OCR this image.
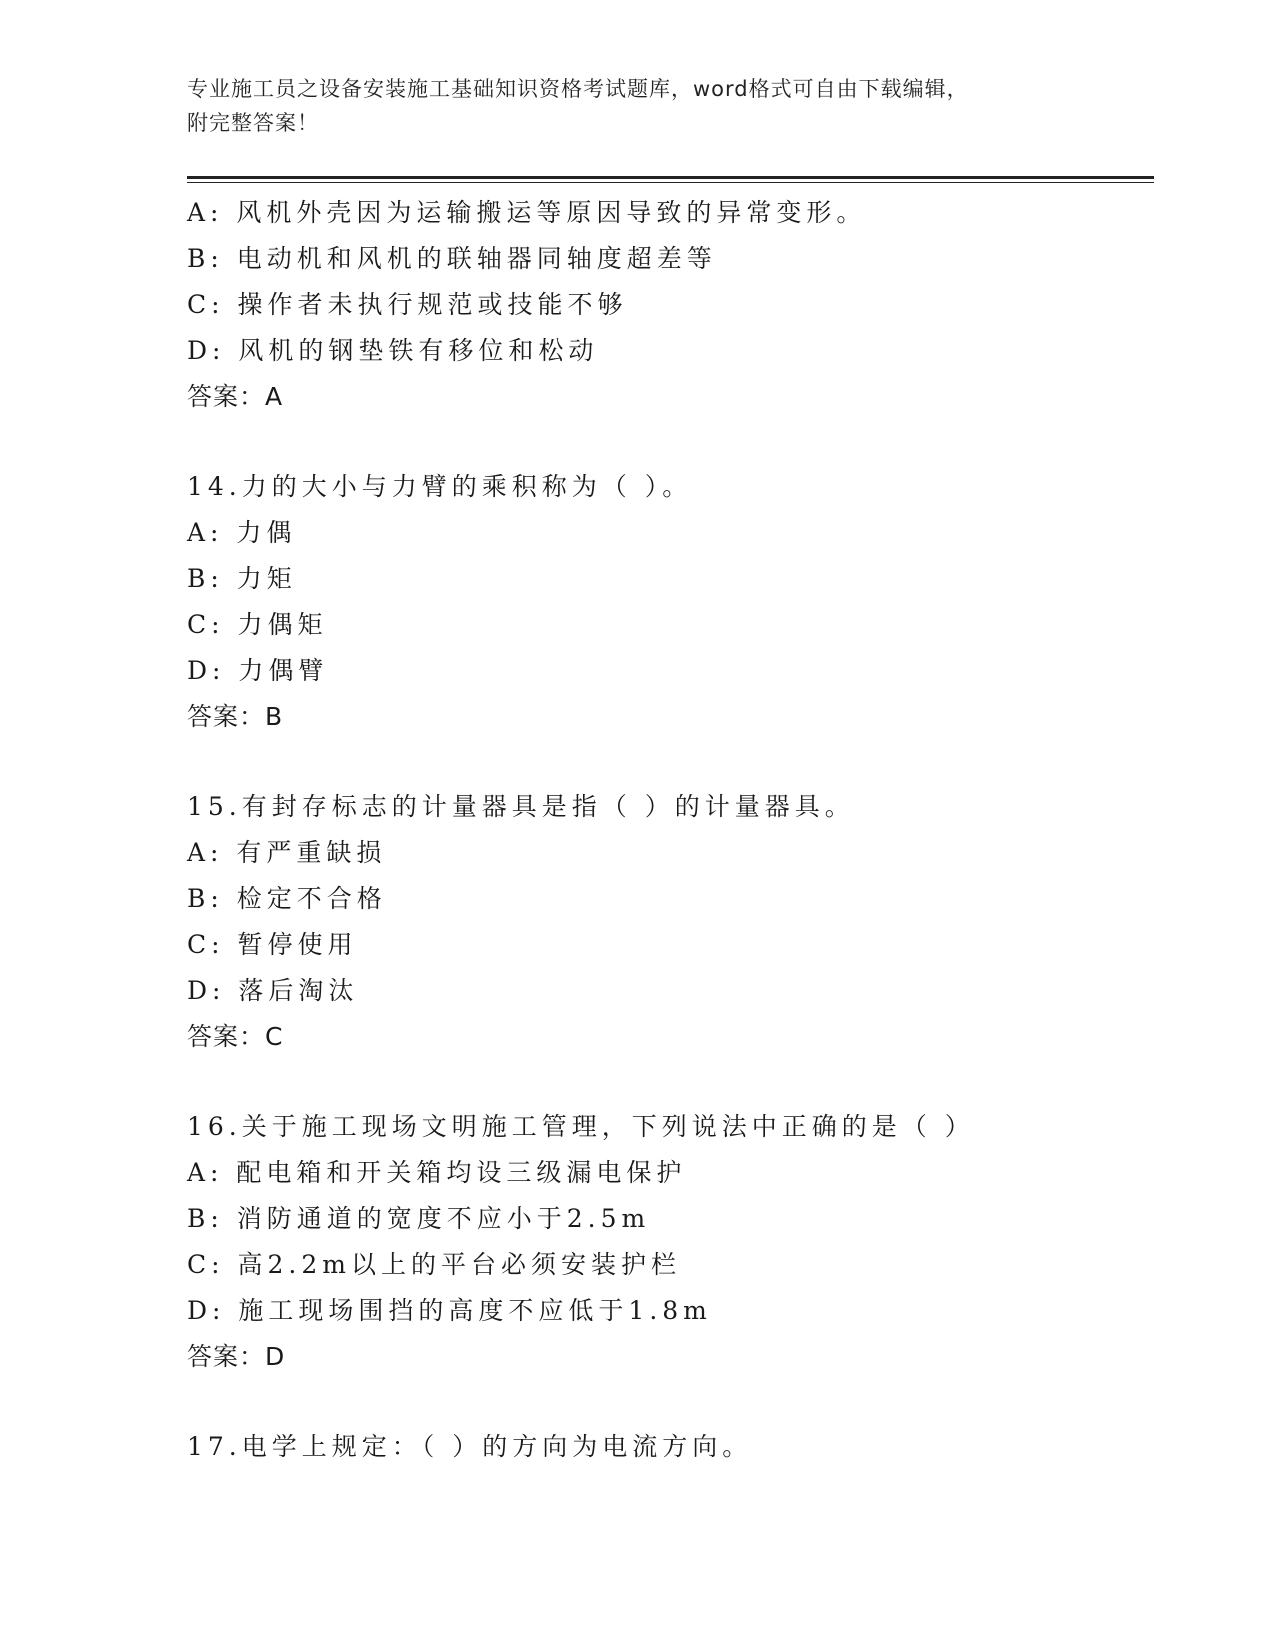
专业施工员之设备安装施工基础知识资格考试题库，word格式可自由下载编辑，
附完整答案！
A: 风机外壳因为运输搬运等原因导致的异常变形。
B: 电动机和风机的联轴器同轴度超差等
C: 操作者未执行规范或技能不够
D: 风机的钢垫铁有移位和松动
答案：A
14.力的大小与力臂的乘积称为（ ）。
A: 力偶
B: 力矩
C: 力偶矩
D: 力偶臂
答案：B
15.有封存标志的计量器具是指（ ）的计量器具。
A: 有严重缺损
B: 检定不合格
C: 暂停使用
D: 落后淘汰
答案：C
16.关于施工现场文明施工管理，下列说法中正确的是（ ）
A: 配电箱和开关箱均设三级漏电保护
B: 消防通道的宽度不应小于2.5m
C: 高2.2m以上的平台必须安装护栏
D: 施工现场围挡的高度不应低于1.8m
答案：D
17.电学上规定：（ ）的方向为电流方向。
